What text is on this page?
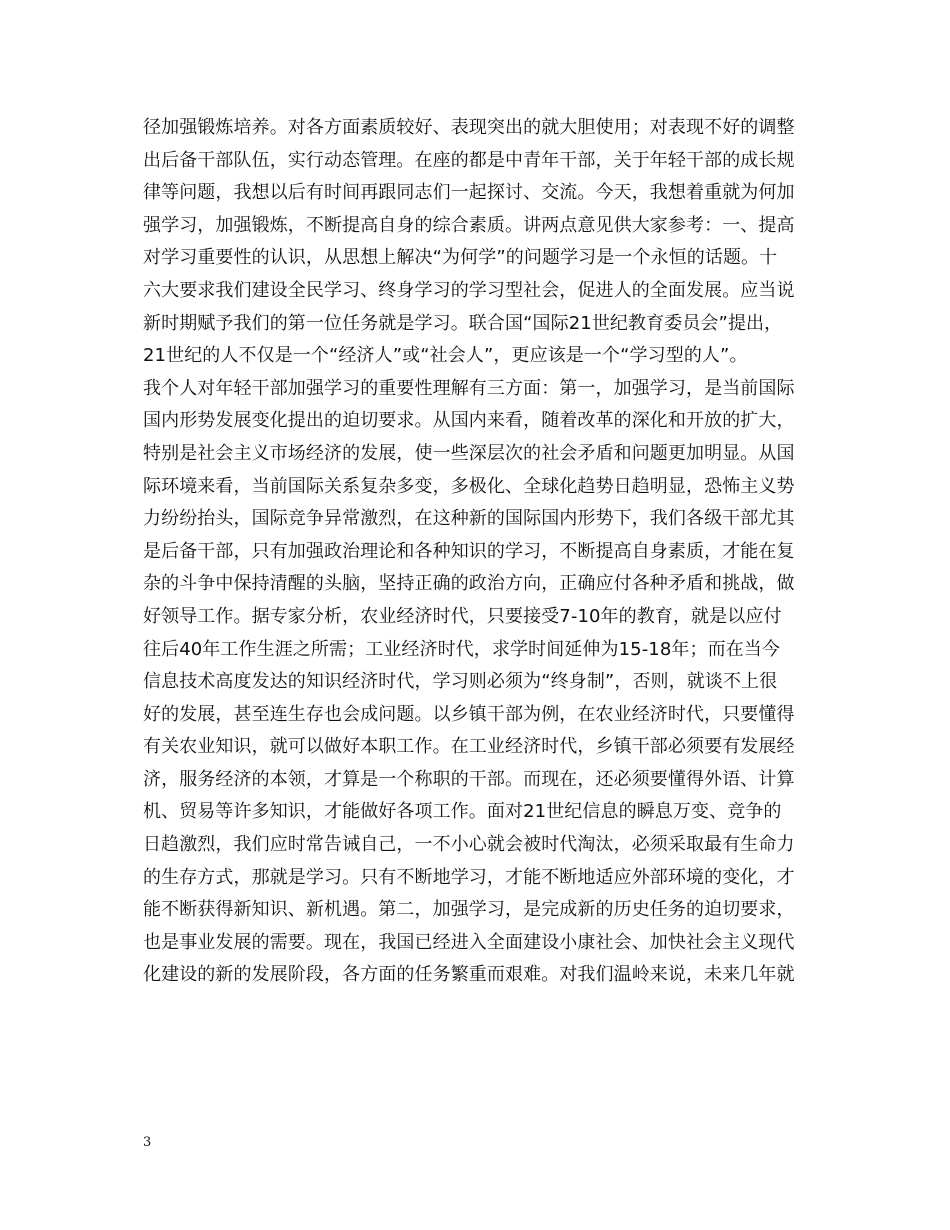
径加强锻炼培养。对各方面素质较好、表现突出的就大胆使用；对表现不好的调整
出后备干部队伍，实行动态管理。在座的都是中青年干部，关于年轻干部的成长规
律等问题，我想以后有时间再跟同志们一起探讨、交流。今天，我想着重就为何加
强学习，加强锻炼，不断提高自身的综合素质。讲两点意见供大家参考：一、提高
对学习重要性的认识，从思想上解决“为何学”的问题学习是一个永恒的话题。十
六大要求我们建设全民学习、终身学习的学习型社会，促进人的全面发展。应当说
新时期赋予我们的第一位任务就是学习。联合国“国际21世纪教育委员会”提出，
21世纪的人不仅是一个“经济人”或“社会人”，更应该是一个“学习型的人”。
我个人对年轻干部加强学习的重要性理解有三方面：第一，加强学习，是当前国际
国内形势发展变化提出的迫切要求。从国内来看，随着改革的深化和开放的扩大，
特别是社会主义市场经济的发展，使一些深层次的社会矛盾和问题更加明显。从国
际环境来看，当前国际关系复杂多变，多极化、全球化趋势日趋明显，恐怖主义势
力纷纷抬头，国际竞争异常激烈，在这种新的国际国内形势下，我们各级干部尤其
是后备干部，只有加强政治理论和各种知识的学习，不断提高自身素质，才能在复
杂的斗争中保持清醒的头脑，坚持正确的政治方向，正确应付各种矛盾和挑战，做
好领导工作。据专家分析，农业经济时代，只要接受7-10年的教育，就是以应付
往后40年工作生涯之所需；工业经济时代，求学时间延伸为15-18年；而在当今
信息技术高度发达的知识经济时代，学习则必须为“终身制”，否则，就谈不上很
好的发展，甚至连生存也会成问题。以乡镇干部为例，在农业经济时代，只要懂得
有关农业知识，就可以做好本职工作。在工业经济时代，乡镇干部必须要有发展经
济，服务经济的本领，才算是一个称职的干部。而现在，还必须要懂得外语、计算
机、贸易等许多知识，才能做好各项工作。面对21世纪信息的瞬息万变、竞争的
日趋激烈，我们应时常告诫自己，一不小心就会被时代淘汰，必须采取最有生命力
的生存方式，那就是学习。只有不断地学习，才能不断地适应外部环境的变化，才
能不断获得新知识、新机遇。第二，加强学习，是完成新的历史任务的迫切要求，
也是事业发展的需要。现在，我国已经进入全面建设小康社会、加快社会主义现代
化建设的新的发展阶段，各方面的任务繁重而艰难。对我们温岭来说，未来几年就
3
